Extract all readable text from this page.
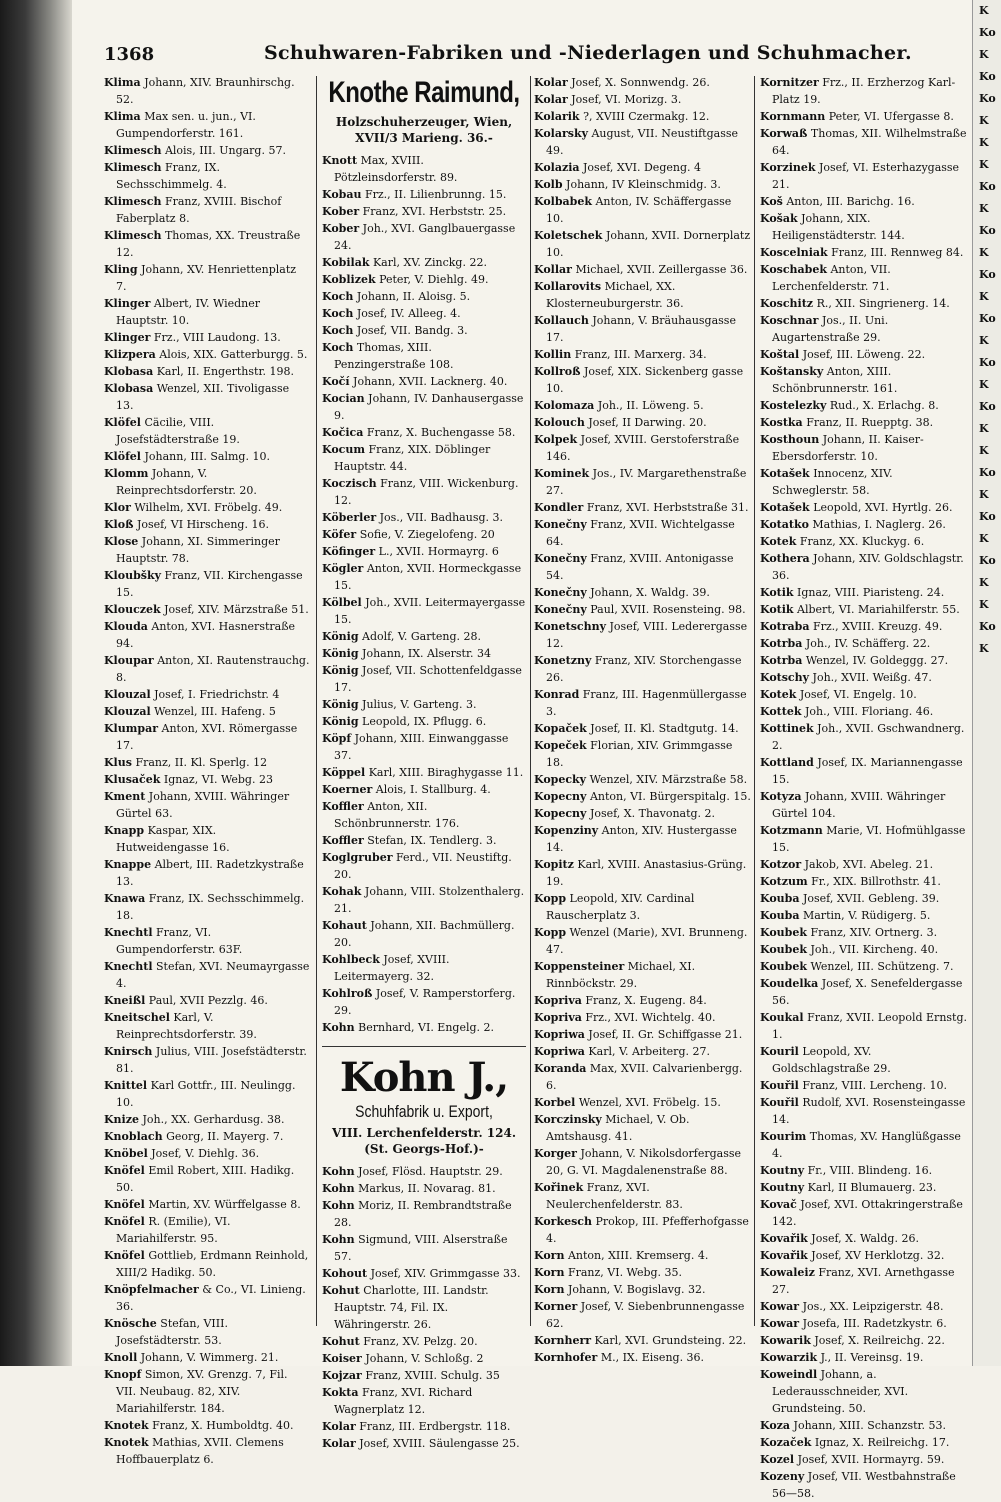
K
Ko
K
Ko
Ko
K
K
K
Ko
K
Ko
K
Ko
K
Ko
K
Ko
K
Ko
K
K
Ko
K
Ko
K
Ko
K
K
Ko
K
1368	Schuhwaren-Fabriken und -Niederlagen und Schuhmacher.

Klima Johann, XIV. Braunhirschg. 52.

Klima Max sen. u. jun., VI. Gumpendorferstr. 161.

Klimesch Alois, III. Ungarg. 57.

Klimesch Franz, IX. Sechsschimmelg. 4.

Klimesch Franz, XVIII. Bischof Faberplatz 8.

Klimesch Thomas, XX. Treustraße 12.

Kling Johann, XV. Henriettenplatz 7.

Klinger Albert, IV. Wiedner Hauptstr. 10.

Klinger Frz., VIII Laudong. 13.

Klizpera Alois, XIX. Gatterburgg. 5.

Klobasa Karl, II. Engerthstr. 198.

Klobasa Wenzel, XII. Tivoligasse 13.

Klöfel Cäcilie, VIII. Josefstädterstraße 19.

Klöfel Johann, III. Salmg. 10.

Klomm Johann, V. Reinprechtsdorferstr. 20.

Klor Wilhelm, XVI. Fröbelg. 49.

Kloß Josef, VI Hirscheng. 16.

Klose Johann, XI. Simmeringer Hauptstr. 78.

Kloubšky Franz, VII. Kirchengasse 15.

Klouczek Josef, XIV. Märzstraße 51.

Klouda Anton, XVI. Hasnerstraße 94.

Kloupar Anton, XI. Rautenstrauchg. 8.

Klouzal Josef, I. Friedrichstr. 4

Klouzal Wenzel, III. Hafeng. 5

Klumpar Anton, XVI. Römergasse 17.

Klus Franz, II. Kl. Sperlg. 12

Klusaček Ignaz, VI. Webg. 23

Kment Johann, XVIII. Währinger Gürtel 63.

Knapp Kaspar, XIX. Hutweidengasse 16.

Knappe Albert, III. Radetzkystraße 13.

Knawa Franz, IX. Sechsschimmelg. 18.

Knechtl Franz, VI. Gumpendorferstr. 63F.

Knechtl Stefan, XVI. Neumayrgasse 4.

Kneißl Paul, XVII Pezzlg. 46.

Kneitschel Karl, V. Reinprechtsdorferstr. 39.

Knirsch Julius, VIII. Josefstädterstr. 81.

Knittel Karl Gottfr., III. Neulingg. 10.

Knize Joh., XX. Gerhardusg. 38.

Knoblach Georg, II. Mayerg. 7.

Knöbel Josef, V. Diehlg. 36.

Knöfel Emil Robert, XIII. Hadikg. 50.

Knöfel Martin, XV. Würffelgasse 8.

Knöfel R. (Emilie), VI. Mariahilferstr. 95.

Knöfel Gottlieb, Erdmann Reinhold, XIII/2 Hadikg. 50.

Knöpfelmacher & Co., VI. Linieng. 36.

Knösche Stefan, VIII. Josefstädterstr. 53.

Knoll Johann, V. Wimmerg. 21.

Knopf Simon, XV. Grenzg. 7, Fil. VII. Neubaug. 82, XIV. Mariahilferstr. 184.

Knotek Franz, X. Humboldtg. 40.

Knotek Mathias, XVII. Clemens Hoffbauerplatz 6.

Knothe Raimund,
Holzschuherzeuger, Wien,
XVII/3 Marieng. 36.-

Knott Max, XVIII. Pötzleinsdorferstr. 89.

Kobau Frz., II. Lilienbrunng. 15.

Kober Franz, XVI. Herbststr. 25.

Kober Joh., XVI. Ganglbauergasse 24.

Kobilak Karl, XV. Zinckg. 22.

Koblizek Peter, V. Diehlg. 49.

Koch Johann, II. Aloisg. 5.

Koch Josef, IV. Alleeg. 4.

Koch Josef, VII. Bandg. 3.

Koch Thomas, XIII. Penzingerstraße 108.

Kočí Johann, XVII. Lacknerg. 40.

Kocian Johann, IV. Danhausergasse 9.

Kočica Franz, X. Buchengasse 58.

Kocum Franz, XIX. Döblinger Hauptstr. 44.

Koczisch Franz, VIII. Wickenburg. 12.

Köberler Jos., VII. Badhausg. 3.

Köfer Sofie, V. Ziegelofeng. 20

Köfinger L., XVII. Hormayrg. 6

Kögler Anton, XVII. Hormeckgasse 15.

Kölbel Joh., XVII. Leitermayergasse 15.

König Adolf, V. Garteng. 28.

König Johann, IX. Alserstr. 34

König Josef, VII. Schottenfeldgasse 17.

König Julius, V. Garteng. 3.

König Leopold, IX. Pflugg. 6.

Köpf Johann, XIII. Einwanggasse 37.

Köppel Karl, XIII. Biraghygasse 11.

Koerner Alois, I. Stallburg. 4.

Koffler Anton, XII. Schönbrunnerstr. 176.

Koffler Stefan, IX. Tendlerg. 3.

Koglgruber Ferd., VII. Neustiftg. 20.

Kohak Johann, VIII. Stolzenthalerg. 21.

Kohaut Johann, XII. Bachmüllerg. 20.

Kohlbeck Josef, XVIII. Leitermayerg. 32.

Kohlroß Josef, V. Ramperstorferg. 29.

Kohn Bernhard, VI. Engelg. 2.

Kohn J.,
Schuhfabrik u. Export,
VIII. Lerchenfelderstr. 124.
(St. Georgs-Hof.)-

Kohn Josef, Flösd. Hauptstr. 29.

Kohn Markus, II. Novarag. 81.

Kohn Moriz, II. Rembrandtstraße 28.

Kohn Sigmund, VIII. Alserstraße 57.

Kohout Josef, XIV. Grimmgasse 33.

Kohut Charlotte, III. Landstr. Hauptstr. 74, Fil. IX. Währingerstr. 26.

Kohut Franz, XV. Pelzg. 20.

Koiser Johann, V. Schloßg. 2

Kojzar Franz, XVIII. Schulg. 35

Kokta Franz, XVI. Richard Wagnerplatz 12.

Kolar Franz, III. Erdbergstr. 118.

Kolar Josef, XVIII. Säulengasse 25.

Kolar Josef, X. Sonnwendg. 26.

Kolar Josef, VI. Morizg. 3.

Kolarik ?, XVIII Czermakg. 12.

Kolarsky August, VII. Neustiftgasse 49.

Kolazia Josef, XVI. Degeng. 4

Kolb Johann, IV Kleinschmidg. 3.

Kolbabek Anton, IV. Schäffergasse 10.

Koletschek Johann, XVII. Dornerplatz 10.

Kollar Michael, XVII. Zeillergasse 36.

Kollarovits Michael, XX. Klosterneuburgerstr. 36.

Kollauch Johann, V. Bräuhausgasse 17.

Kollin Franz, III. Marxerg. 34.

Kollroß Josef, XIX. Sickenberg gasse 10.

Kolomaza Joh., II. Löweng. 5.

Kolouch Josef, II Darwing. 20.

Kolpek Josef, XVIII. Gerstoferstraße 146.

Kominek Jos., IV. Margarethenstraße 27.

Kondler Franz, XVI. Herbststraße 31.

Konečny Franz, XVII. Wichtelgasse 64.

Konečny Franz, XVIII. Antonigasse 54.

Konečny Johann, X. Waldg. 39.

Konečny Paul, XVII. Rosensteing. 98.

Konetschny Josef, VIII. Lederergasse 12.

Konetzny Franz, XIV. Storchengasse 26.

Konrad Franz, III. Hagenmüllergasse 3.

Kopaček Josef, II. Kl. Stadtgutg. 14.

Kopeček Florian, XIV. Grimmgasse 18.

Kopecky Wenzel, XIV. Märzstraße 58.

Kopecny Anton, VI. Bürgerspitalg. 15.

Kopecny Josef, X. Thavonatg. 2.

Kopenziny Anton, XIV. Hustergasse 14.

Kopitz Karl, XVIII. Anastasius-Grüng. 19.

Kopp Leopold, XIV. Cardinal Rauscherplatz 3.

Kopp Wenzel (Marie), XVI. Brunneng. 47.

Koppensteiner Michael, XI. Rinnböckstr. 29.

Kopriva Franz, X. Eugeng. 84.

Kopriva Frz., XVI. Wichtelg. 40.

Kopriwa Josef, II. Gr. Schiffgasse 21.

Kopriwa Karl, V. Arbeiterg. 27.

Koranda Max, XVII. Calvarienbergg. 6.

Korbel Wenzel, XVI. Fröbelg. 15.

Korczinsky Michael, V. Ob. Amtshausg. 41.

Korger Johann, V. Nikolsdorfergasse 20, G. VI. Magdalenenstraße 88.

Kořinek Franz, XVI. Neulerchenfelderstr. 83.

Korkesch Prokop, III. Pfefferhofgasse 4.

Korn Anton, XIII. Kremserg. 4.

Korn Franz, VI. Webg. 35.

Korn Johann, V. Bogislavg. 32.

Korner Josef, V. Siebenbrunnengasse 62.

Kornherr Karl, XVI. Grundsteing. 22.

Kornhofer M., IX. Eiseng. 36.

Kornitzer Frz., II. Erzherzog Karl-Platz 19.

Kornmann Peter, VI. Ufergasse 8.

Korwaß Thomas, XII. Wilhelmstraße 64.

Korzinek Josef, VI. Esterhazygasse 21.

Koš Anton, III. Barichg. 16.

Košak Johann, XIX. Heiligenstädterstr. 144.

Koscelniak Franz, III. Rennweg 84.

Koschabek Anton, VII. Lerchenfelderstr. 71.

Koschitz R., XII. Singrienerg. 14.

Koschnar Jos., II. Uni. Augartenstraße 29.

Koštal Josef, III. Löweng. 22.

Koštansky Anton, XIII. Schönbrunnerstr. 161.

Kostelezky Rud., X. Erlachg. 8.

Kostka Franz, II. Ruepptg. 38.

Kosthoun Johann, II. Kaiser-Ebersdorferstr. 10.

Kotašek Innocenz, XIV. Schweglerstr. 58.

Kotašek Leopold, XVI. Hyrtlg. 26.

Kotatko Mathias, I. Naglerg. 26.

Kotek Franz, XX. Kluckyg. 6.

Kothera Johann, XIV. Goldschlagstr. 36.

Kotik Ignaz, VIII. Piaristeng. 24.

Kotik Albert, VI. Mariahilferstr. 55.

Kotraba Frz., XVIII. Kreuzg. 49.

Kotrba Joh., IV. Schäfferg. 22.

Kotrba Wenzel, IV. Goldeggg. 27.

Kotschy Joh., XVII. Weißg. 47.

Kotek Josef, VI. Engelg. 10.

Kottek Joh., VIII. Floriang. 46.

Kottinek Joh., XVII. Gschwandnerg. 2.

Kottland Josef, IX. Mariannengasse 15.

Kotyza Johann, XVIII. Währinger Gürtel 104.

Kotzmann Marie, VI. Hofmühlgasse 15.

Kotzor Jakob, XVI. Abeleg. 21.

Kotzum Fr., XIX. Billrothstr. 41.

Kouba Josef, XVII. Gebleng. 39.

Kouba Martin, V. Rüdigerg. 5.

Koubek Franz, XIV. Ortnerg. 3.

Koubek Joh., VII. Kircheng. 40.

Koubek Wenzel, III. Schützeng. 7.

Koudelka Josef, X. Senefeldergasse 56.

Koukal Franz, XVII. Leopold Ernstg. 1.

Kouril Leopold, XV. Goldschlagstraße 29.

Kouřil Franz, VIII. Lercheng. 10.

Kouřil Rudolf, XVI. Rosensteingasse 14.

Kourim Thomas, XV. Hanglüßgasse 4.

Koutny Fr., VIII. Blindeng. 16.

Koutny Karl, II Blumauerg. 23.

Kovač Josef, XVI. Ottakringerstraße 142.

Kovařik Josef, X. Waldg. 26.

Kovařik Josef, XV Herklotzg. 32.

Kowaleiz Franz, XVI. Arnethgasse 27.

Kowar Jos., XX. Leipzigerstr. 48.

Kowar Josefa, III. Radetzkystr. 6.

Kowarik Josef, X. Reilreichg. 22.

Kowarzik J., II. Vereinsg. 19.

Koweindl Johann, a. Lederausschneider, XVI. Grundsteing. 50.

Koza Johann, XIII. Schanzstr. 53.

Kozaček Ignaz, X. Reilreichg. 17.

Kozel Josef, XVII. Hormayrg. 59.

Kozeny Josef, VII. Westbahnstraße 56—58.
